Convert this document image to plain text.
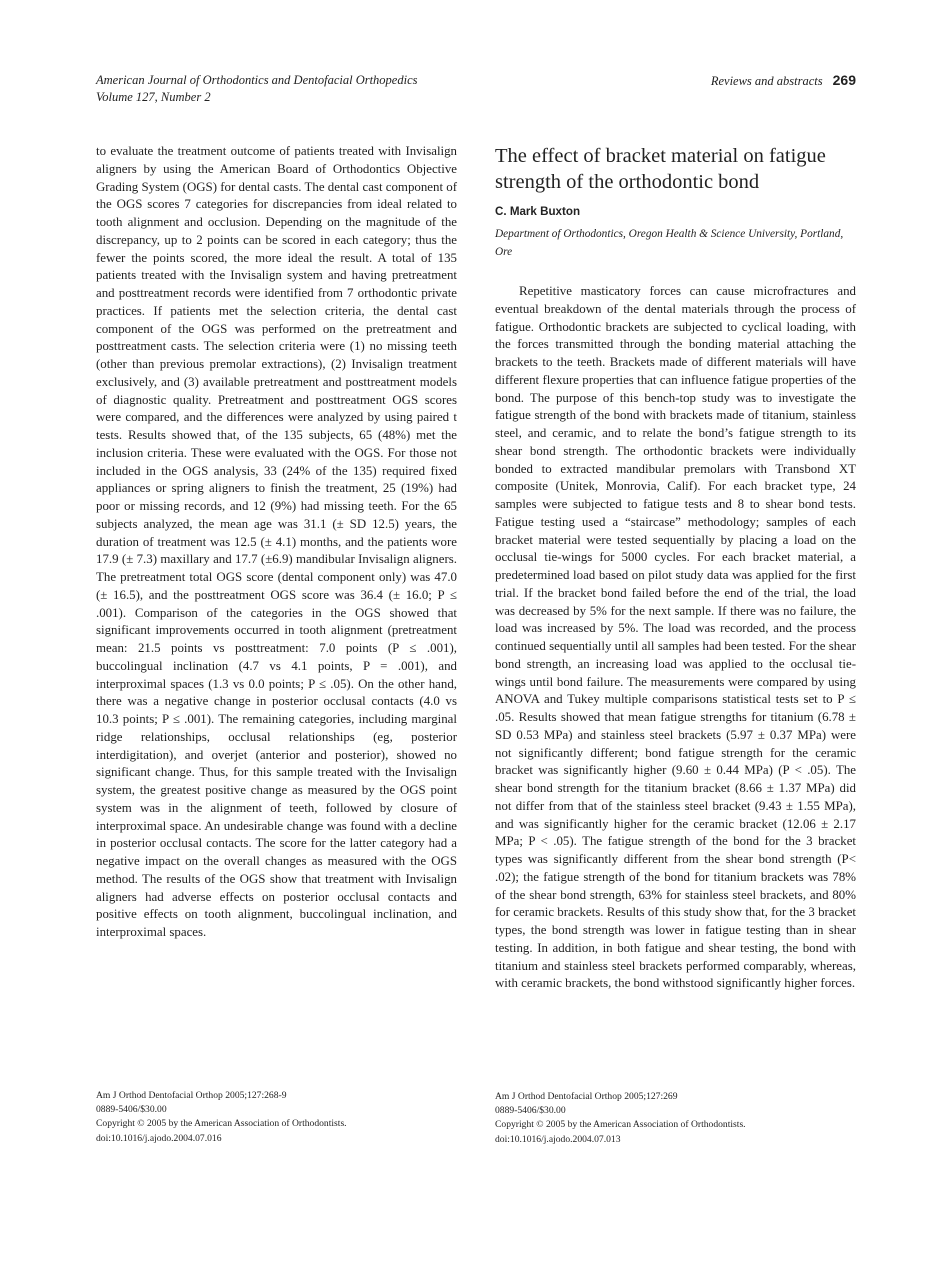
American Journal of Orthodontics and Dentofacial Orthopedics
Volume 127, Number 2
Reviews and abstracts 269

to evaluate the treatment outcome of patients treated with Invisalign aligners by using the American Board of Orthodontics Objective Grading System (OGS) for dental casts. The dental cast component of the OGS scores 7 categories for discrepancies from ideal related to tooth alignment and occlusion. Depending on the magnitude of the discrepancy, up to 2 points can be scored in each category; thus the fewer the points scored, the more ideal the result. A total of 135 patients treated with the Invisalign system and having pretreatment and posttreatment records were identified from 7 orthodontic private practices. If patients met the selection criteria, the dental cast component of the OGS was performed on the pretreatment and posttreatment casts. The selection criteria were (1) no missing teeth (other than previous premolar extractions), (2) Invisalign treatment exclusively, and (3) available pretreatment and posttreatment models of diagnostic quality. Pretreatment and posttreatment OGS scores were compared, and the differences were analyzed by using paired t tests. Results showed that, of the 135 subjects, 65 (48%) met the inclusion criteria. These were evaluated with the OGS. For those not included in the OGS analysis, 33 (24% of the 135) required fixed appliances or spring aligners to finish the treatment, 25 (19%) had poor or missing records, and 12 (9%) had missing teeth. For the 65 subjects analyzed, the mean age was 31.1 (± SD 12.5) years, the duration of treatment was 12.5 (± 4.1) months, and the patients wore 17.9 (± 7.3) maxillary and 17.7 (±6.9) mandibular Invisalign aligners. The pretreatment total OGS score (dental component only) was 47.0 (± 16.5), and the posttreatment OGS score was 36.4 (± 16.0; P ≤ .001). Comparison of the categories in the OGS showed that significant improvements occurred in tooth alignment (pretreatment mean: 21.5 points vs posttreatment: 7.0 points (P ≤ .001), buccolingual inclination (4.7 vs 4.1 points, P = .001), and interproximal spaces (1.3 vs 0.0 points; P ≤ .05). On the other hand, there was a negative change in posterior occlusal contacts (4.0 vs 10.3 points; P ≤ .001). The remaining categories, including marginal ridge relationships, occlusal relationships (eg, posterior interdigitation), and overjet (anterior and posterior), showed no significant change. Thus, for this sample treated with the Invisalign system, the greatest positive change as measured by the OGS point system was in the alignment of teeth, followed by closure of interproximal space. An undesirable change was found with a decline in posterior occlusal contacts. The score for the latter category had a negative impact on the overall changes as measured with the OGS method. The results of the OGS show that treatment with Invisalign aligners had adverse effects on posterior occlusal contacts and positive effects on tooth alignment, buccolingual inclination, and interproximal spaces.

The effect of bracket material on fatigue strength of the orthodontic bond
C. Mark Buxton
Department of Orthodontics, Oregon Health & Science University, Portland, Ore

Repetitive masticatory forces can cause microfractures and eventual breakdown of the dental materials through the process of fatigue. Orthodontic brackets are subjected to cyclical loading, with the forces transmitted through the bonding material attaching the brackets to the teeth. Brackets made of different materials will have different flexure properties that can influence fatigue properties of the bond. The purpose of this bench-top study was to investigate the fatigue strength of the bond with brackets made of titanium, stainless steel, and ceramic, and to relate the bond’s fatigue strength to its shear bond strength. The orthodontic brackets were individually bonded to extracted mandibular premolars with Transbond XT composite (Unitek, Monrovia, Calif). For each bracket type, 24 samples were subjected to fatigue tests and 8 to shear bond tests. Fatigue testing used a “staircase” methodology; samples of each bracket material were tested sequentially by placing a load on the occlusal tie-wings for 5000 cycles. For each bracket material, a predetermined load based on pilot study data was applied for the first trial. If the bracket bond failed before the end of the trial, the load was decreased by 5% for the next sample. If there was no failure, the load was increased by 5%. The load was recorded, and the process continued sequentially until all samples had been tested. For the shear bond strength, an increasing load was applied to the occlusal tie-wings until bond failure. The measurements were compared by using ANOVA and Tukey multiple comparisons statistical tests set to P ≤ .05. Results showed that mean fatigue strengths for titanium (6.78 ± SD 0.53 MPa) and stainless steel brackets (5.97 ± 0.37 MPa) were not significantly different; bond fatigue strength for the ceramic bracket was significantly higher (9.60 ± 0.44 MPa) (P < .05). The shear bond strength for the titanium bracket (8.66 ± 1.37 MPa) did not differ from that of the stainless steel bracket (9.43 ± 1.55 MPa), and was significantly higher for the ceramic bracket (12.06 ± 2.17 MPa; P < .05). The fatigue strength of the bond for the 3 bracket types was significantly different from the shear bond strength (P< .02); the fatigue strength of the bond for titanium brackets was 78% of the shear bond strength, 63% for stainless steel brackets, and 80% for ceramic brackets. Results of this study show that, for the 3 bracket types, the bond strength was lower in fatigue testing than in shear testing. In addition, in both fatigue and shear testing, the bond with titanium and stainless steel brackets performed comparably, whereas, with ceramic brackets, the bond withstood significantly higher forces.

Am J Orthod Dentofacial Orthop 2005;127:268-9
0889-5406/$30.00
Copyright © 2005 by the American Association of Orthodontists.
doi:10.1016/j.ajodo.2004.07.016
Am J Orthod Dentofacial Orthop 2005;127:269
0889-5406/$30.00
Copyright © 2005 by the American Association of Orthodontists.
doi:10.1016/j.ajodo.2004.07.013
